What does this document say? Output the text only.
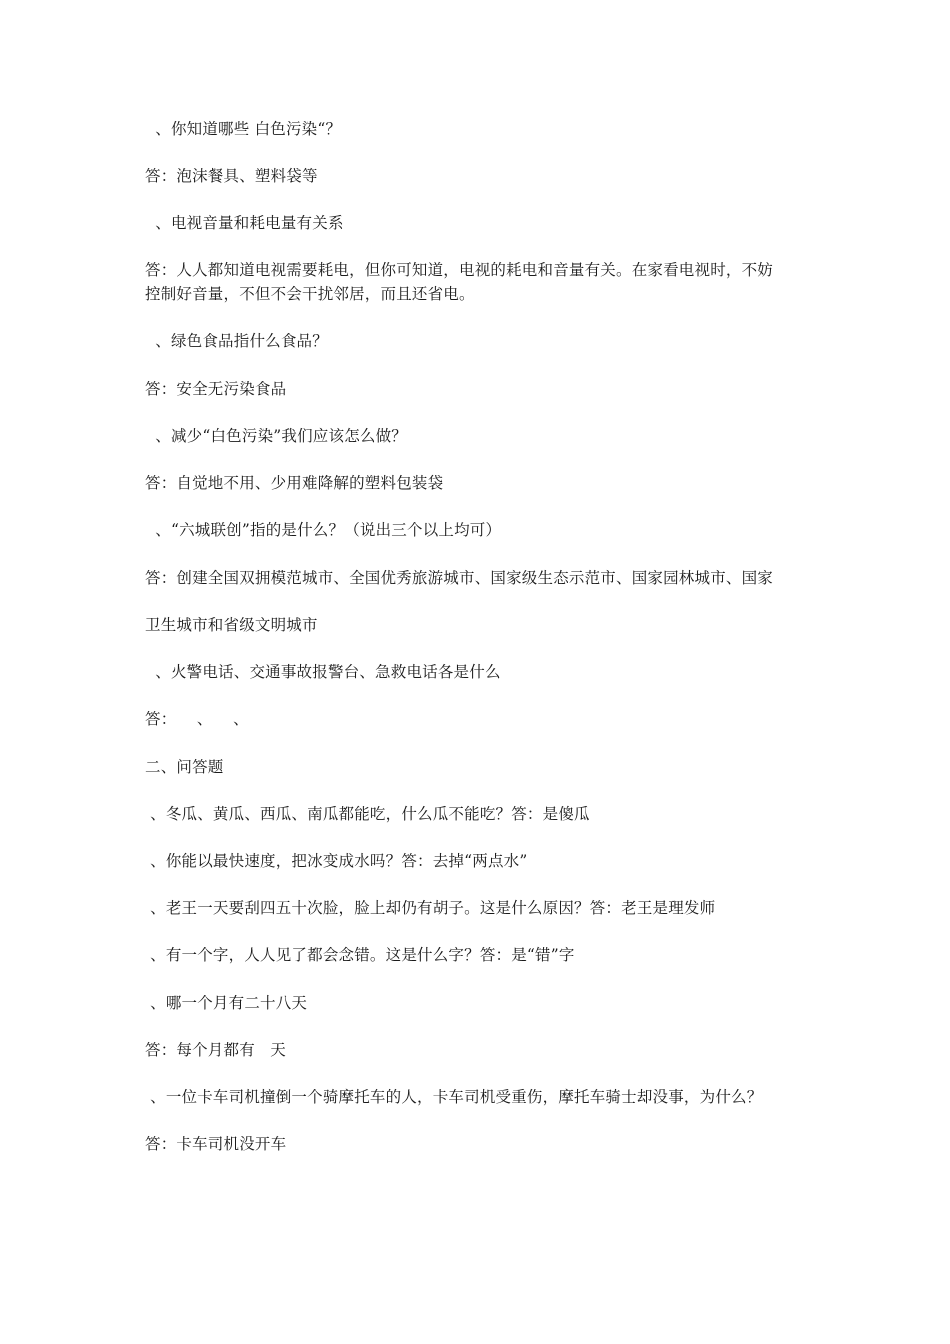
、你知道哪些 白色污染“？
答：泡沫餐具、塑料袋等
、电视音量和耗电量有关系
答：人人都知道电视需要耗电，但你可知道，电视的耗电和音量有关。在家看电视时，不妨
控制好音量，不但不会干扰邻居，而且还省电。
、绿色食品指什么食品？
答：安全无污染食品
、减少“白色污染”我们应该怎么做？
答：自觉地不用、少用难降解的塑料包装袋
、“六城联创”指的是什么？（说出三个以上均可）
答：创建全国双拥模范城市、全国优秀旅游城市、国家级生态示范市、国家园林城市、国家
卫生城市和省级文明城市
、火警电话、交通事故报警台、急救电话各是什么
答：    、    、
二、问答题
、冬瓜、黄瓜、西瓜、南瓜都能吃，什么瓜不能吃？答：是傻瓜
、你能以最快速度，把冰变成水吗？答：去掉“两点水”
、老王一天要刮四五十次脸，脸上却仍有胡子。这是什么原因？答：老王是理发师
、有一个字，人人见了都会念错。这是什么字？答：是“错”字
、哪一个月有二十八天
答：每个月都有   天
、一位卡车司机撞倒一个骑摩托车的人，卡车司机受重伤，摩托车骑士却没事，为什么？
答：卡车司机没开车
